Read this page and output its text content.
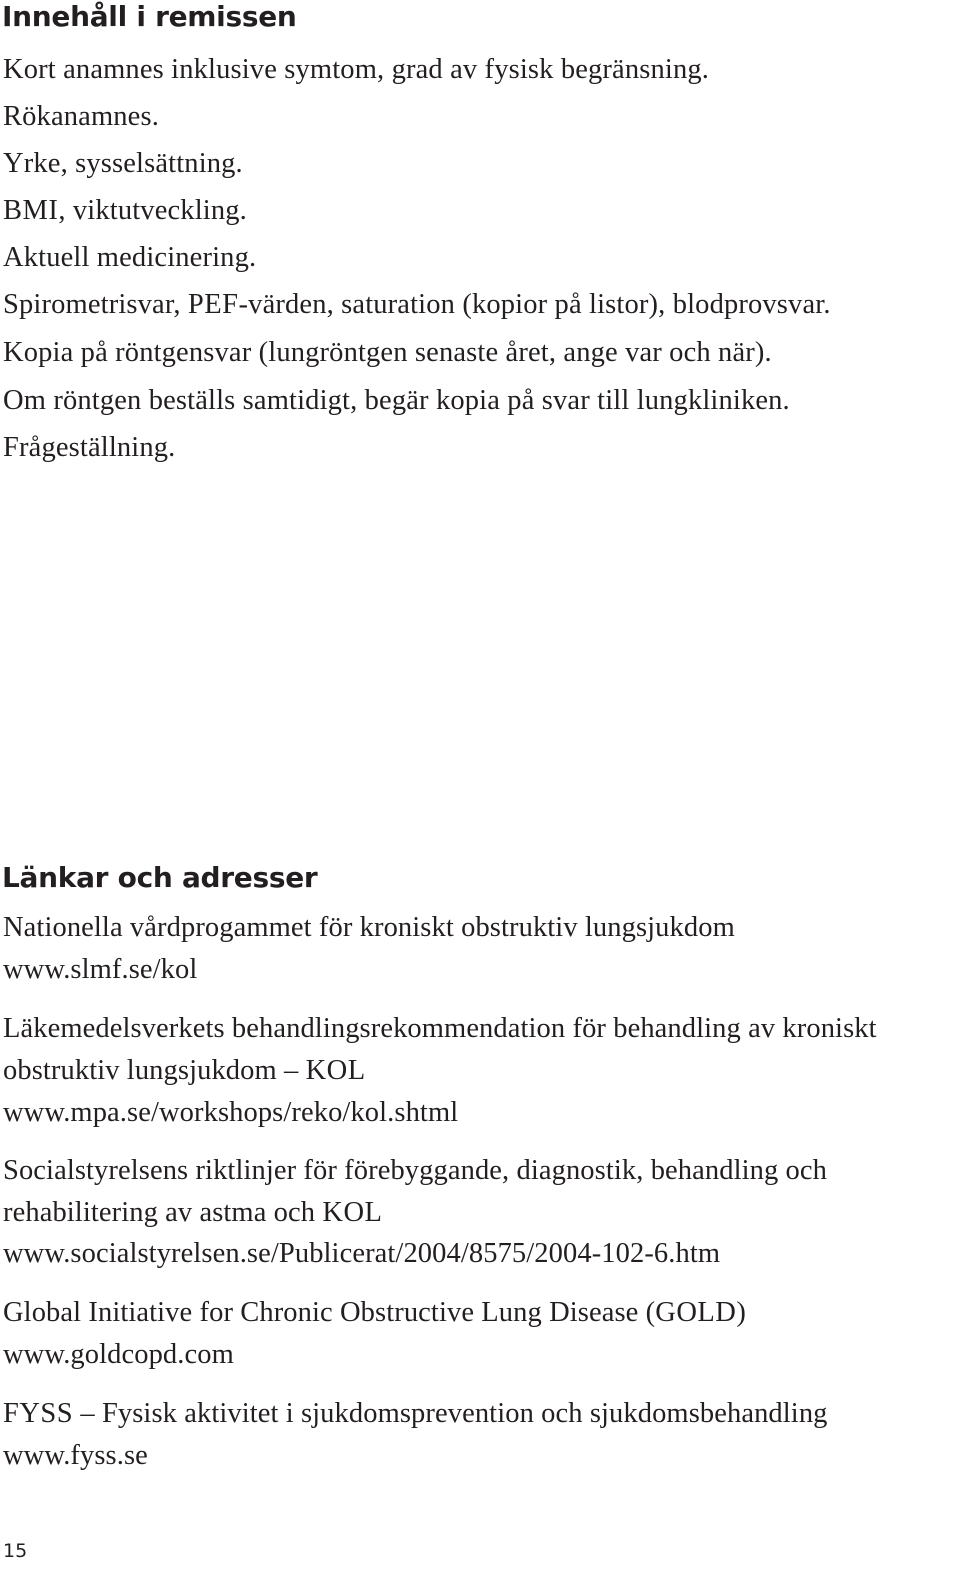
Innehåll i remissen

Kort anamnes inklusive symtom, grad av fysisk begränsning.

Rökanamnes.

Yrke, sysselsättning.

BMI, viktutveckling.

Aktuell medicinering.

Spirometrisvar, PEF-värden, saturation (kopior på listor), blodprovsvar.

Kopia på röntgensvar (lungröntgen senaste året, ange var och när).

Om röntgen beställs samtidigt, begär kopia på svar till lungkliniken.

Frågeställning.

Länkar och adresser

Nationella vårdprogammet för kroniskt obstruktiv lungsjukdom

www.slmf.se/kol

Läkemedelsverkets behandlingsrekommendation för behandling av kroniskt

obstruktiv lungsjukdom – KOL

www.mpa.se/workshops/reko/kol.shtml

Socialstyrelsens riktlinjer för förebyggande, diagnostik, behandling och

rehabilitering av astma och KOL

www.socialstyrelsen.se/Publicerat/2004/8575/2004-102-6.htm

Global Initiative for Chronic Obstructive Lung Disease (GOLD)

www.goldcopd.com

FYSS – Fysisk aktivitet i sjukdomsprevention och sjukdomsbehandling

www.fyss.se

15
